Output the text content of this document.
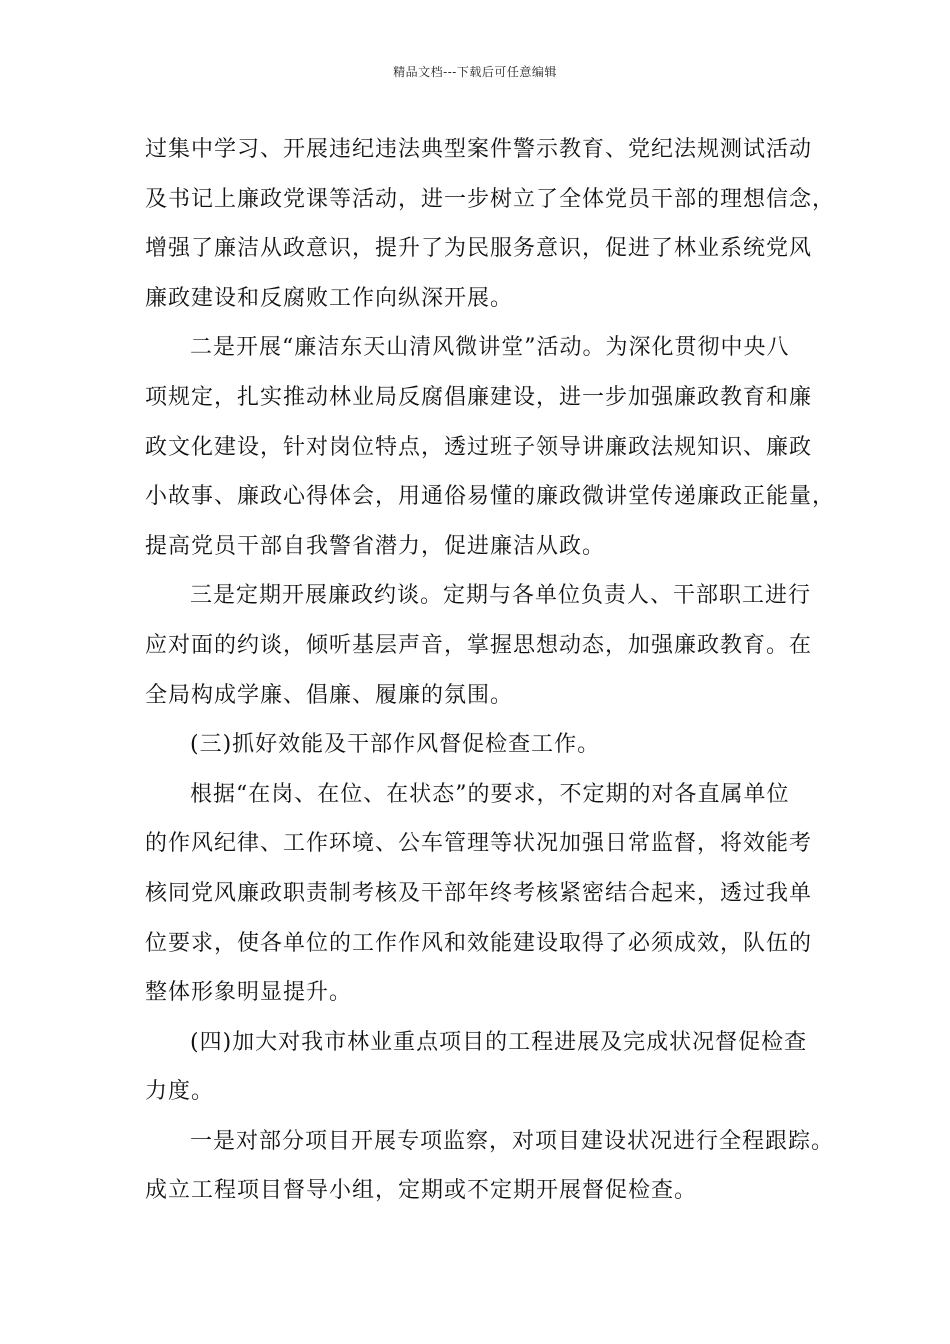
精品文档---下载后可任意编辑

过集中学习、开展违纪违法典型案件警示教育、党纪法规测试活动
及书记上廉政党课等活动，进一步树立了全体党员干部的理想信念，
增强了廉洁从政意识，提升了为民服务意识，促进了林业系统党风
廉政建设和反腐败工作向纵深开展。

二是开展“廉洁东天山清风微讲堂”活动。为深化贯彻中央八
项规定，扎实推动林业局反腐倡廉建设，进一步加强廉政教育和廉
政文化建设，针对岗位特点，透过班子领导讲廉政法规知识、廉政
小故事、廉政心得体会，用通俗易懂的廉政微讲堂传递廉政正能量，
提高党员干部自我警省潜力，促进廉洁从政。

三是定期开展廉政约谈。定期与各单位负责人、干部职工进行
应对面的约谈，倾听基层声音，掌握思想动态，加强廉政教育。在
全局构成学廉、倡廉、履廉的氛围。

(三)抓好效能及干部作风督促检查工作。

根据“在岗、在位、在状态”的要求，不定期的对各直属单位
的作风纪律、工作环境、公车管理等状况加强日常监督，将效能考
核同党风廉政职责制考核及干部年终考核紧密结合起来，透过我单
位要求，使各单位的工作作风和效能建设取得了必须成效，队伍的
整体形象明显提升。

(四)加大对我市林业重点项目的工程进展及完成状况督促检查
力度。

一是对部分项目开展专项监察，对项目建设状况进行全程跟踪。
成立工程项目督导小组，定期或不定期开展督促检查。
